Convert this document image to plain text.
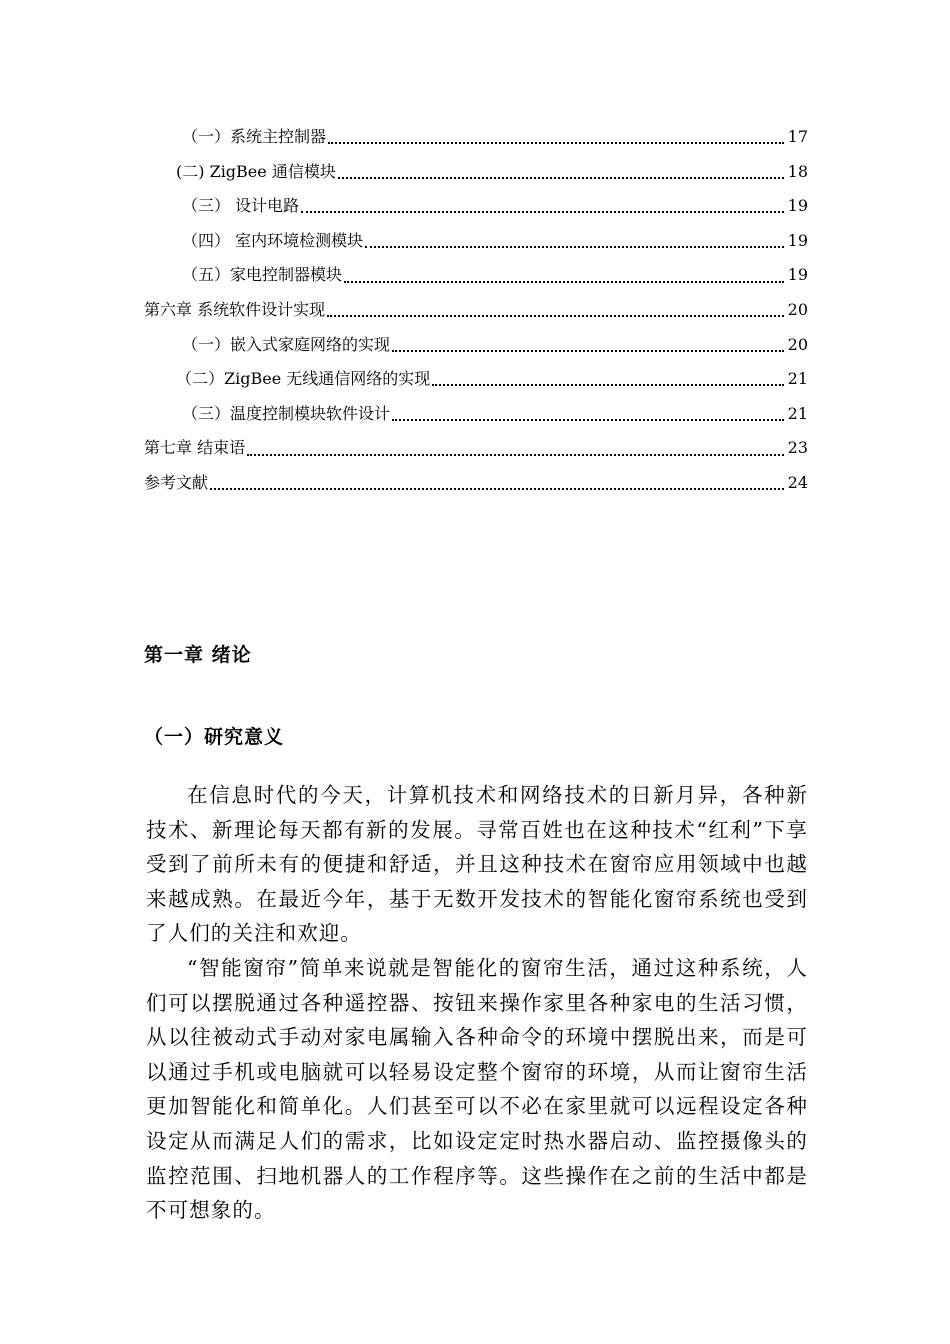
（一）系统主控制器	17
(二) ZigBee 通信模块	18
（三） 设计电路	19
（四） 室内环境检测模块	19
（五）家电控制器模块	19
第六章 系统软件设计实现	20
（一）嵌入式家庭网络的实现	20
（二）ZigBee 无线通信网络的实现	21
（三）温度控制模块软件设计	21
第七章 结束语	23
参考文献	24
第一章 绪论
（一）研究意义

在信息时代的今天，计算机技术和网络技术的日新月异，各种新技术、新理论每天都有新的发展。寻常百姓也在这种技术“红利”下享受到了前所未有的便捷和舒适，并且这种技术在窗帘应用领域中也越来越成熟。在最近今年，基于无数开发技术的智能化窗帘系统也受到了人们的关注和欢迎。

“智能窗帘”简单来说就是智能化的窗帘生活，通过这种系统，人们可以摆脱通过各种遥控器、按钮来操作家里各种家电的生活习惯，从以往被动式手动对家电属输入各种命令的环境中摆脱出来，而是可以通过手机或电脑就可以轻易设定整个窗帘的环境，从而让窗帘生活更加智能化和简单化。人们甚至可以不必在家里就可以远程设定各种设定从而满足人们的需求，比如设定定时热水器启动、监控摄像头的监控范围、扫地机器人的工作程序等。这些操作在之前的生活中都是不可想象的。
